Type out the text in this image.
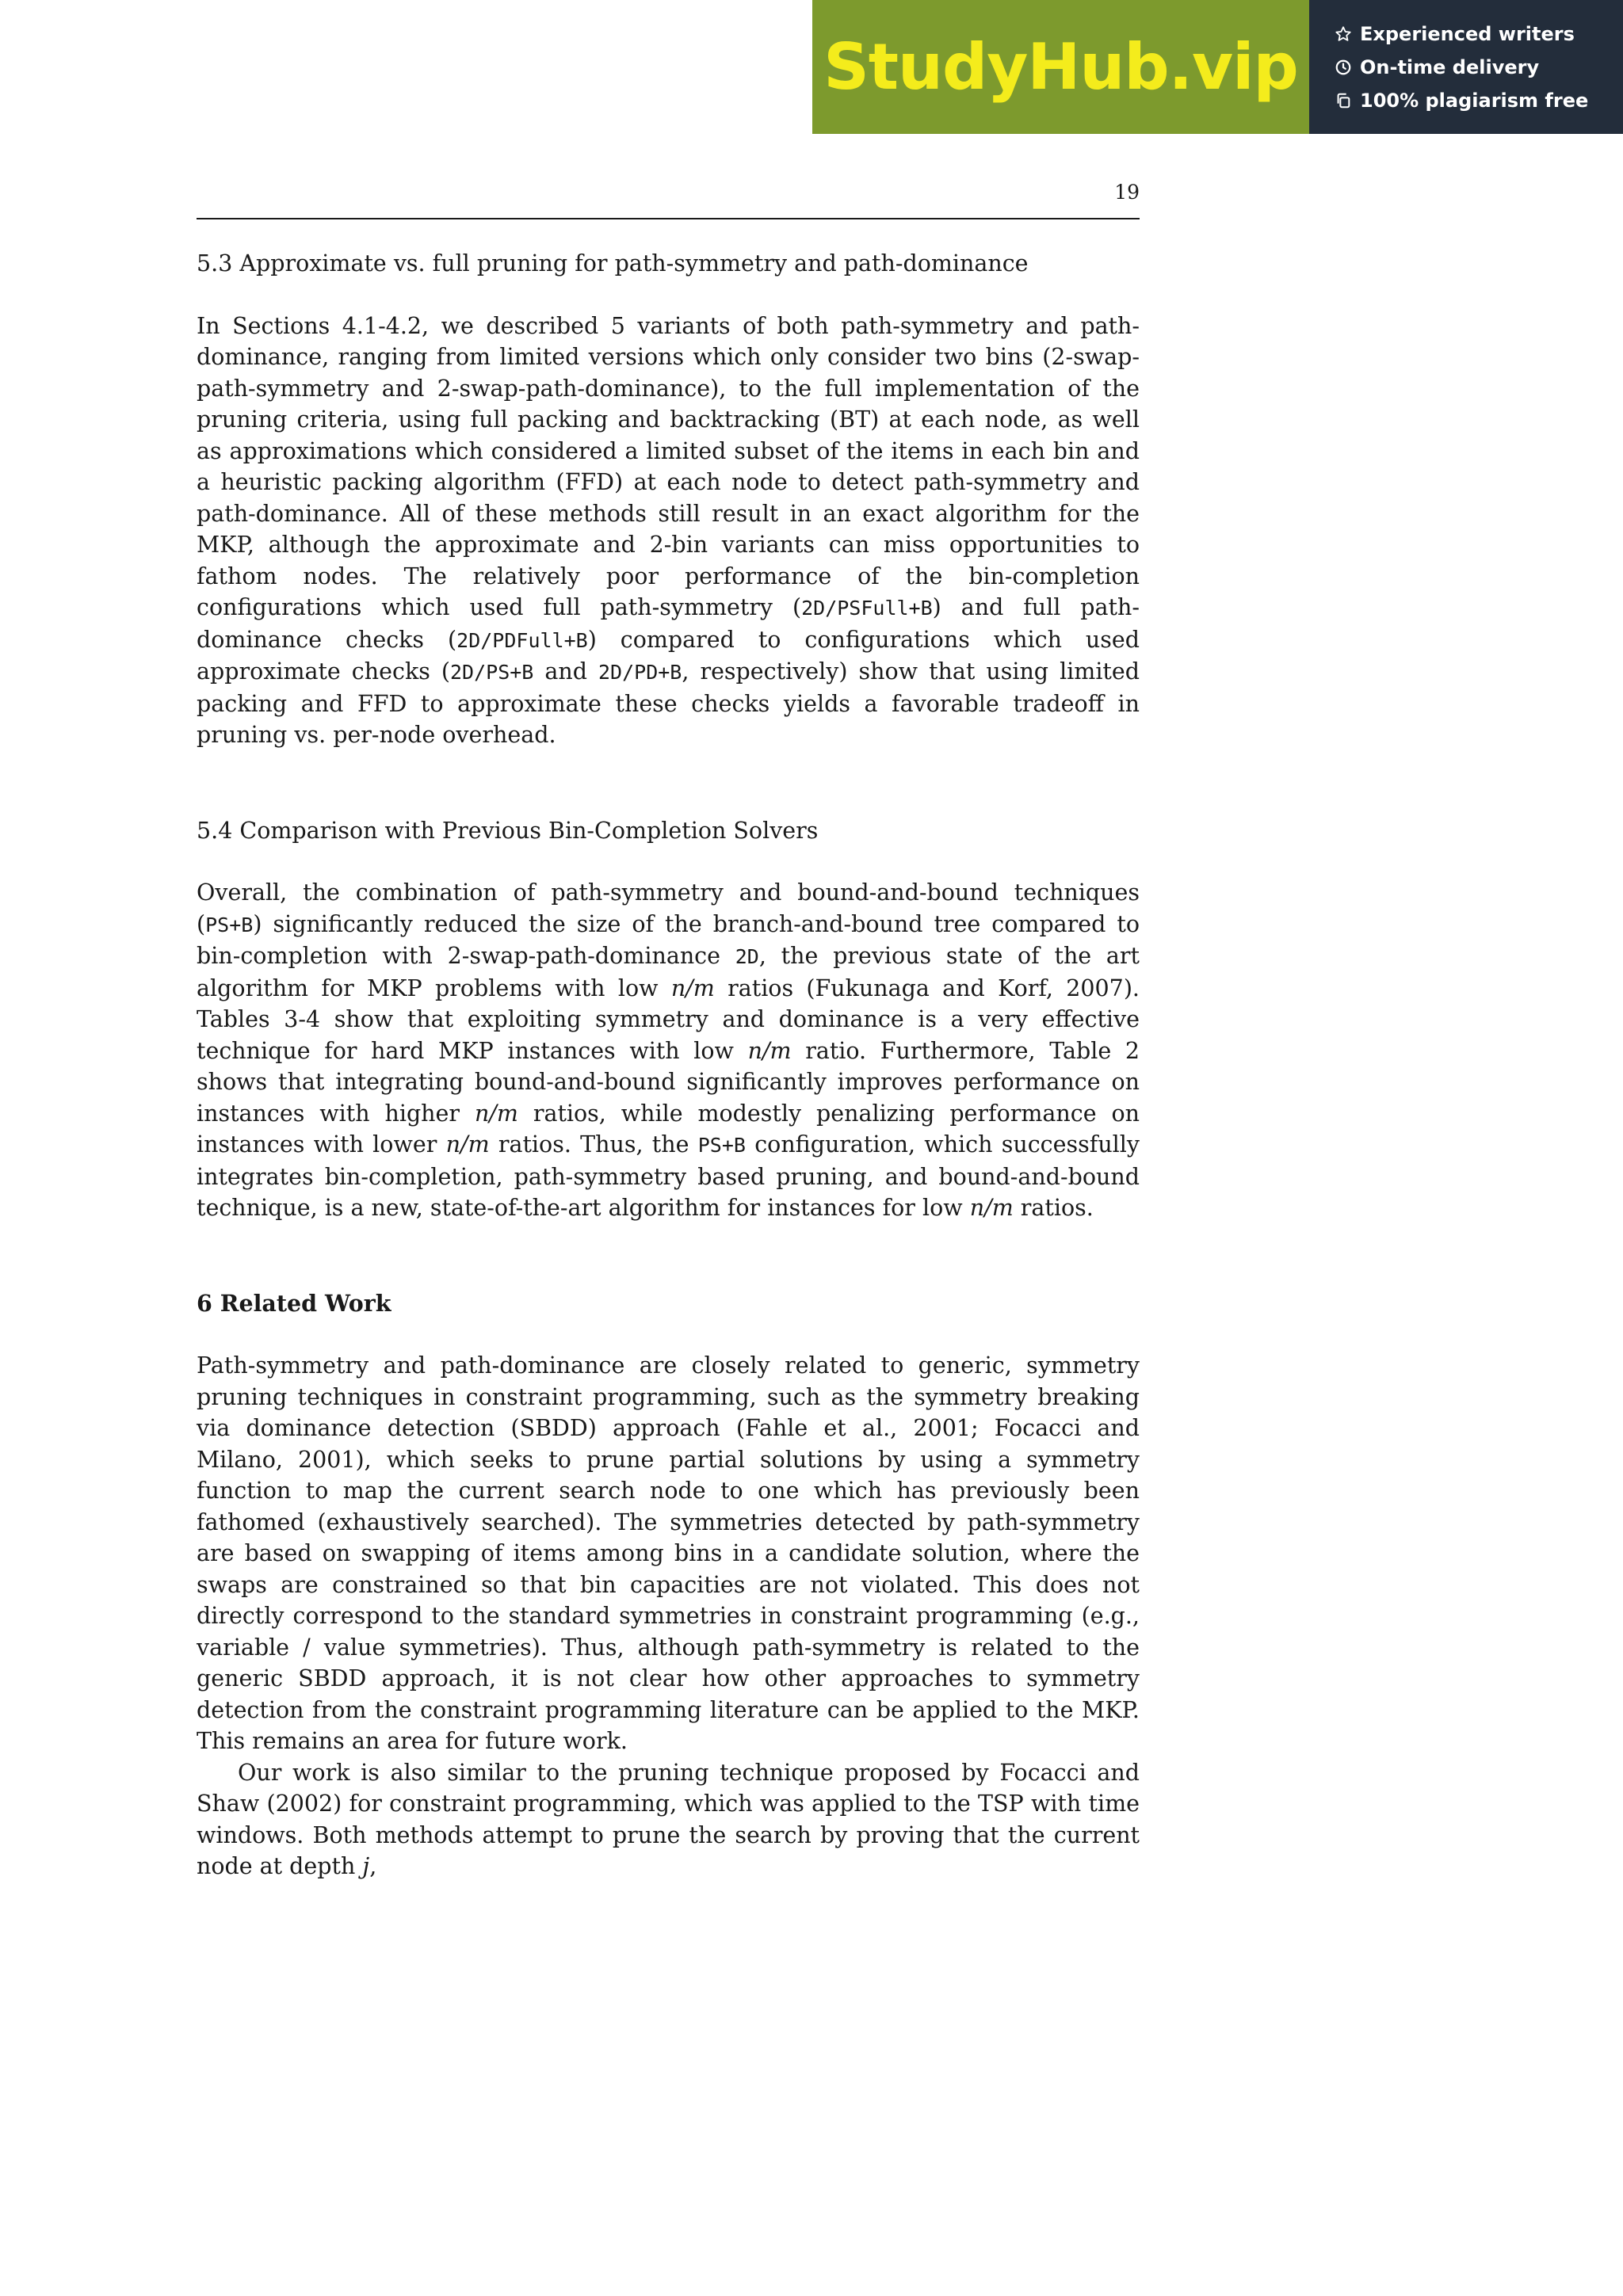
StudyHub.vip	Experienced writers
On-time delivery
100% plagiarism free
19
5.3 Approximate vs. full pruning for path-symmetry and path-dominance

In Sections 4.1-4.2, we described 5 variants of both path-symmetry and path-dominance, ranging from limited versions which only consider two bins (2-swap-path-symmetry and 2-swap-path-dominance), to the full implementation of the pruning criteria, using full packing and backtracking (BT) at each node, as well as approximations which considered a limited subset of the items in each bin and a heuristic packing algorithm (FFD) at each node to detect path-symmetry and path-dominance. All of these methods still result in an exact algorithm for the MKP, although the approximate and 2-bin variants can miss opportunities to fathom nodes. The relatively poor performance of the bin-completion configurations which used full path-symmetry (2D/PSFull+B) and full path-dominance checks (2D/PDFull+B) compared to configurations which used approximate checks (2D/PS+B and 2D/PD+B, respectively) show that using limited packing and FFD to approximate these checks yields a favorable tradeoff in pruning vs. per-node overhead.

5.4 Comparison with Previous Bin-Completion Solvers

Overall, the combination of path-symmetry and bound-and-bound techniques (PS+B) significantly reduced the size of the branch-and-bound tree compared to bin-completion with 2-swap-path-dominance 2D, the previous state of the art algorithm for MKP problems with low n/m ratios (Fukunaga and Korf, 2007). Tables 3-4 show that exploiting symmetry and dominance is a very effective technique for hard MKP instances with low n/m ratio. Furthermore, Table 2 shows that integrating bound-and-bound significantly improves performance on instances with higher n/m ratios, while modestly penalizing performance on instances with lower n/m ratios. Thus, the PS+B configuration, which successfully integrates bin-completion, path-symmetry based pruning, and bound-and-bound technique, is a new, state-of-the-art algorithm for instances for low n/m ratios.

6 Related Work

Path-symmetry and path-dominance are closely related to generic, symmetry pruning techniques in constraint programming, such as the symmetry breaking via dominance detection (SBDD) approach (Fahle et al., 2001; Focacci and Milano, 2001), which seeks to prune partial solutions by using a symmetry function to map the current search node to one which has previously been fathomed (exhaustively searched). The symmetries detected by path-symmetry are based on swapping of items among bins in a candidate solution, where the swaps are constrained so that bin capacities are not violated. This does not directly correspond to the standard symmetries in constraint programming (e.g., variable / value symmetries). Thus, although path-symmetry is related to the generic SBDD approach, it is not clear how other approaches to symmetry detection from the constraint programming literature can be applied to the MKP. This remains an area for future work.

Our work is also similar to the pruning technique proposed by Focacci and Shaw (2002) for constraint programming, which was applied to the TSP with time windows. Both methods attempt to prune the search by proving that the current node at depth j,
